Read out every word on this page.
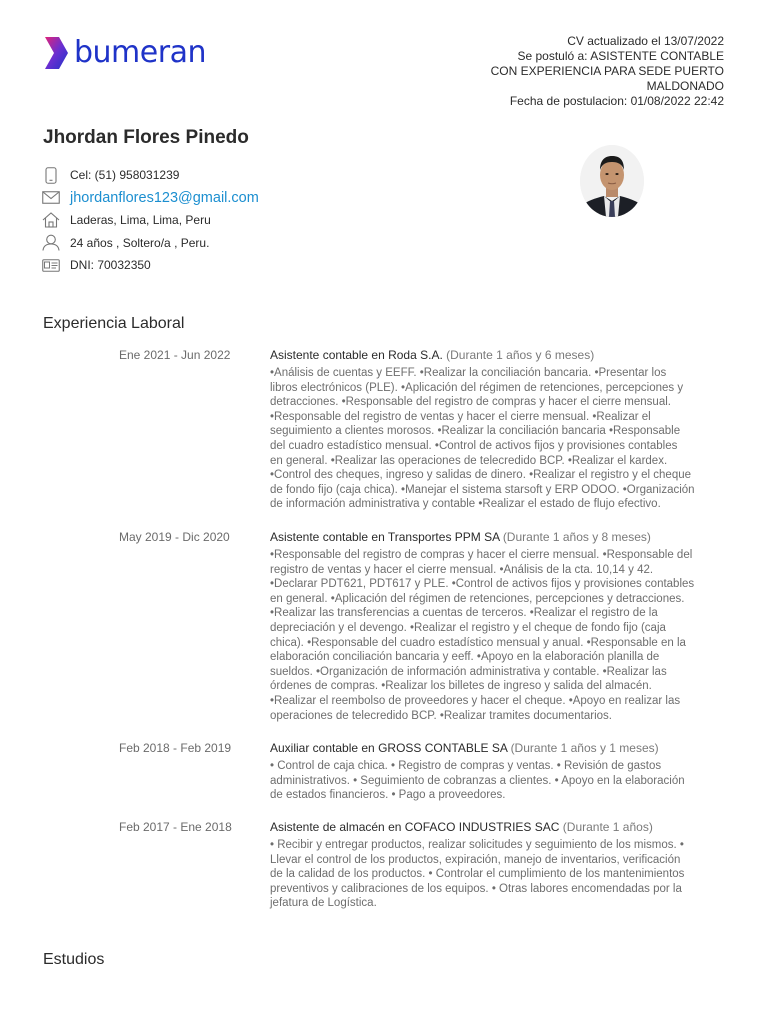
bumeran	CV actualizado el 13/07/2022
Se postuló a: ASISTENTE CONTABLE
CON EXPERIENCIA PARA SEDE PUERTO
MALDONADO
Fecha de postulacion: 01/08/2022 22:42
Jhordan Flores Pinedo
Cel: (51) 958031239
jhordanflores123@gmail.com
Laderas, Lima, Lima, Peru
24 años , Soltero/a , Peru.
DNI: 70032350
Experiencia Laboral
Ene 2021 - Jun 2022	Asistente contable en Roda S.A. (Durante 1 años y 6 meses)
•Análisis de cuentas y EEFF. •Realizar la conciliación bancaria. •Presentar los
libros electrónicos (PLE). •Aplicación del régimen de retenciones, percepciones y
detracciones. •Responsable del registro de compras y hacer el cierre mensual.
•Responsable del registro de ventas y hacer el cierre mensual. •Realizar el
seguimiento a clientes morosos. •Realizar la conciliación bancaria •Responsable
del cuadro estadístico mensual. •Control de activos fijos y provisiones contables
en general. •Realizar las operaciones de telecredido BCP. •Realizar el kardex.
•Control des cheques, ingreso y salidas de dinero. •Realizar el registro y el cheque
de fondo fijo (caja chica). •Manejar el sistema starsoft y ERP ODOO. •Organización
de información administrativa y contable •Realizar el estado de flujo efectivo.
May 2019 - Dic 2020	Asistente contable en Transportes PPM SA (Durante 1 años y 8 meses)
•Responsable del registro de compras y hacer el cierre mensual. •Responsable del
registro de ventas y hacer el cierre mensual. •Análisis de la cta. 10,14 y 42.
•Declarar PDT621, PDT617 y PLE. •Control de activos fijos y provisiones contables
en general. •Aplicación del régimen de retenciones, percepciones y detracciones.
•Realizar las transferencias a cuentas de terceros. •Realizar el registro de la
depreciación y el devengo. •Realizar el registro y el cheque de fondo fijo (caja
chica). •Responsable del cuadro estadístico mensual y anual. •Responsable en la
elaboración conciliación bancaria y eeff. •Apoyo en la elaboración planilla de
sueldos. •Organización de información administrativa y contable. •Realizar las
órdenes de compras. •Realizar los billetes de ingreso y salida del almacén.
•Realizar el reembolso de proveedores y hacer el cheque. •Apoyo en realizar las
operaciones de telecredido BCP. •Realizar tramites documentarios.
Feb 2018 - Feb 2019	Auxiliar contable en GROSS CONTABLE SA (Durante 1 años y 1 meses)
• Control de caja chica. • Registro de compras y ventas. • Revisión de gastos
administrativos. • Seguimiento de cobranzas a clientes. • Apoyo en la elaboración
de estados financieros. • Pago a proveedores.
Feb 2017 - Ene 2018	Asistente de almacén en COFACO INDUSTRIES SAC (Durante 1 años)
• Recibir y entregar productos, realizar solicitudes y seguimiento de los mismos. •
Llevar el control de los productos, expiración, manejo de inventarios, verificación
de la calidad de los productos. • Controlar el cumplimiento de los mantenimientos
preventivos y calibraciones de los equipos. • Otras labores encomendadas por la
jefatura de Logística.
Estudios
